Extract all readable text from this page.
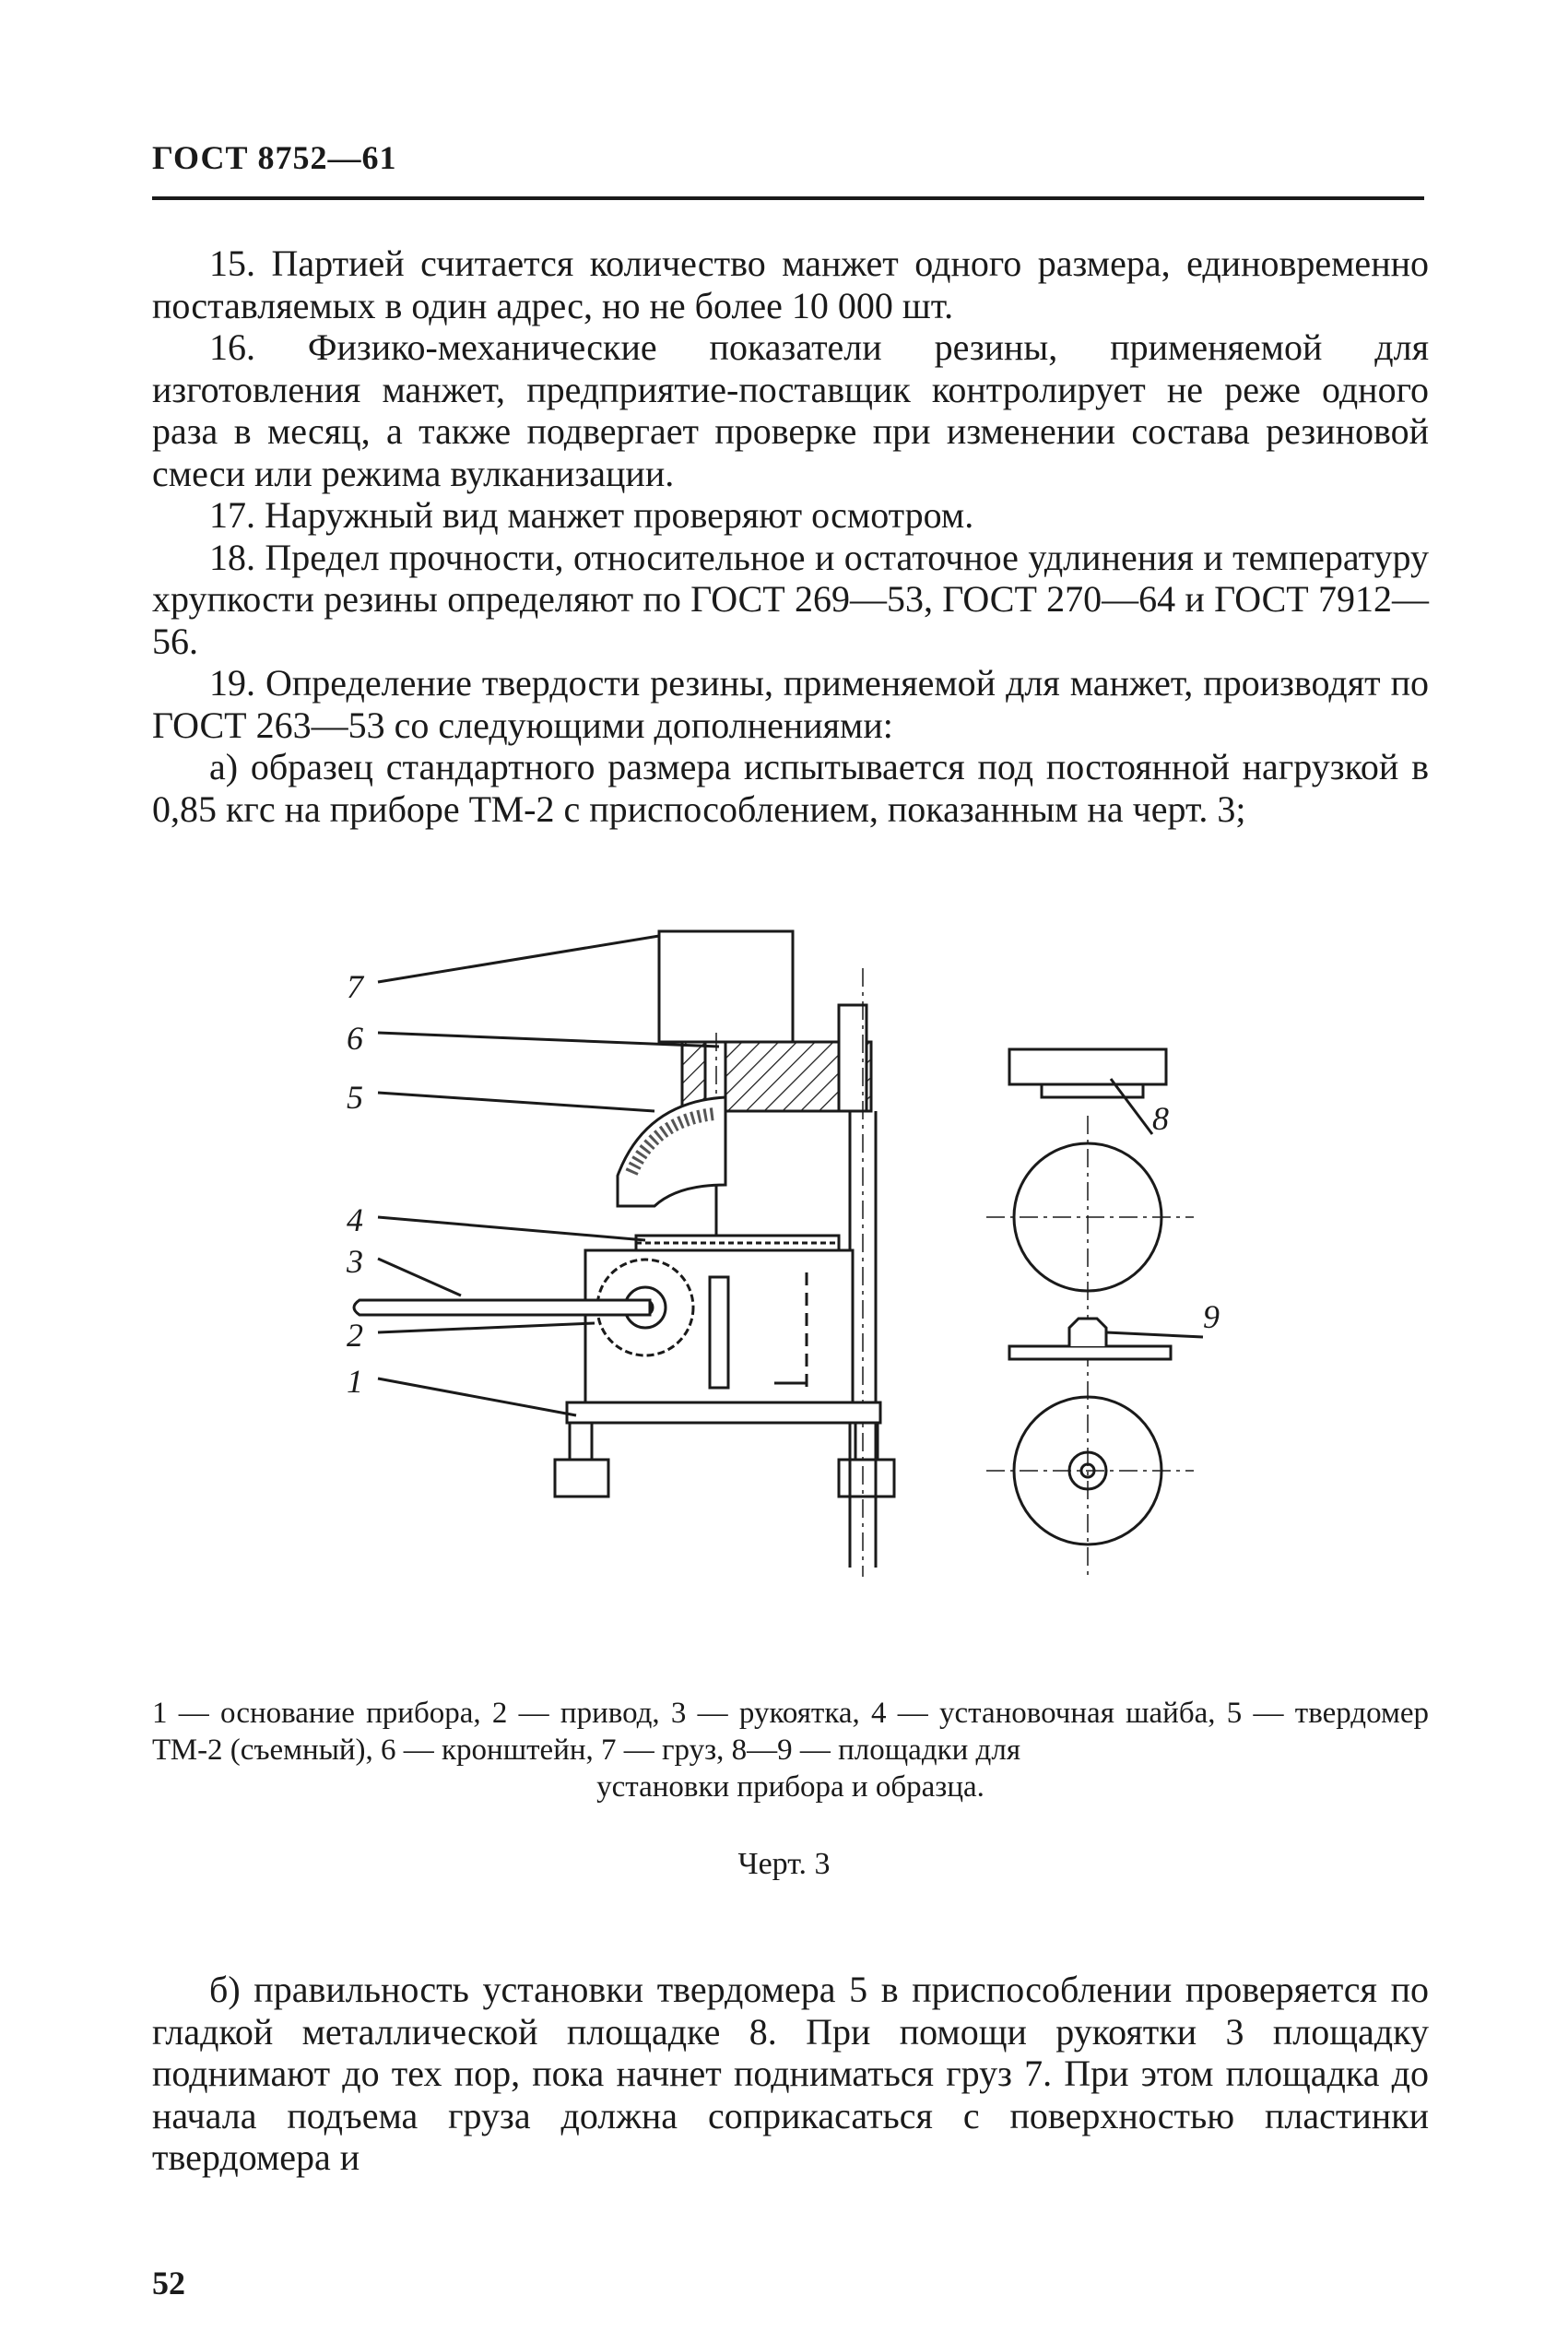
ГОСТ 8752—61

15. Партией считается количество манжет одного размера, единовременно поставляемых в один адрес, но не более 10 000 шт.

16. Физико-механические показатели резины, применяемой для изготовления манжет, предприятие-поставщик контролирует не реже одного раза в месяц, а также подвергает проверке при изменении состава резиновой смеси или режима вулканизации.

17. Наружный вид манжет проверяют осмотром.

18. Предел прочности, относительное и остаточное удлинения и температуру хрупкости резины определяют по ГОСТ 269—53, ГОСТ 270—64 и ГОСТ 7912—56.

19. Определение твердости резины, применяемой для манжет, производят по ГОСТ 263—53 со следующими дополнениями:

а) образец стандартного размера испытывается под постоянной нагрузкой в 0,85 кгс на приборе ТМ-2 с приспособлением, показанным на черт. 3;

7
6
5
4
3
2
1
8
9
1 — основание прибора, 2 — привод, 3 — рукоятка, 4 — установочная шайба, 5 — твердомер ТМ-2 (съемный), 6 — кронштейн, 7 — груз, 8—9 — площадки для
установки прибора и образца.
Черт. 3

б) правильность установки твердомера 5 в приспособлении проверяется по гладкой металлической площадке 8. При помощи рукоятки 3 площадку поднимают до тех пор, пока начнет подниматься груз 7. При этом площадка до начала подъема груза должна соприкасаться с поверхностью пластинки твердомера и

52
